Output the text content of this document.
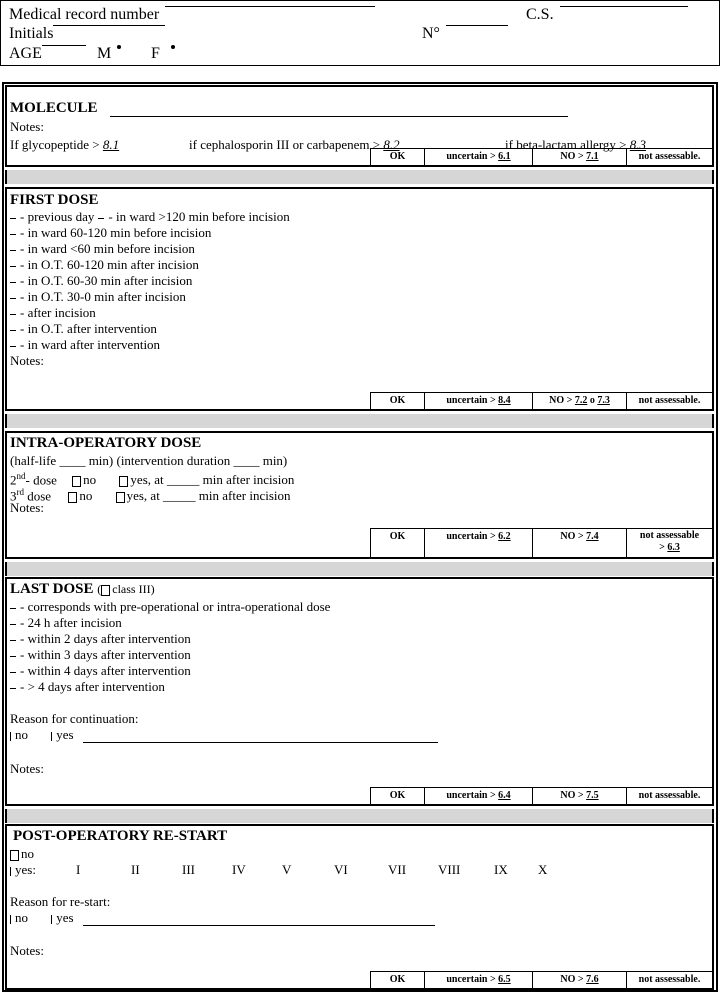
Medical record number	C.S.
Initials	N°
AGE	M F
MOLECULE
Notes:
If glycopeptide > 8.1	if cephalosporin III or carbapenem > 8.2	if beta-lactam allergy > 8.3
OK	uncertain > 6.1	NO > 7.1	not assessable.
FIRST DOSE
- previous day - in ward >120 min before incision
- in ward 60-120 min before incision
- in ward <60 min before incision
- in O.T. 60-120 min after incision
- in O.T. 60-30 min after incision
- in O.T. 30-0 min after incision
- after incision
- in O.T. after intervention
- in ward after intervention
Notes:
OK	uncertain > 8.4	NO > 7.2 o 7.3	not assessable.
INTRA-OPERATORY DOSE
(half-life ____ min) (intervention duration ____ min)
2nd- dose no	yes, at _____ min after incision
3rd dose no	yes, at _____ min after incision
Notes:
OK	uncertain > 6.2	NO > 7.4	not assessable
> 6.3
LAST DOSE ( class III)
- corresponds with pre-operational or intra-operational dose
- 24 h after incision
- within 2 days after intervention
- within 3 days after intervention
- within 4 days after intervention
- > 4 days after intervention
Reason for continuation:
no yes
Notes:
OK	uncertain > 6.4	NO > 7.5	not assessable.
POST-OPERATORY RE-START
no
yes:	I	II	III	IV	V	VI	VII VIII	IX X
Reason for re-start:
no yes
Notes:
OK	uncertain > 6.5	NO > 7.6	not assessable.
